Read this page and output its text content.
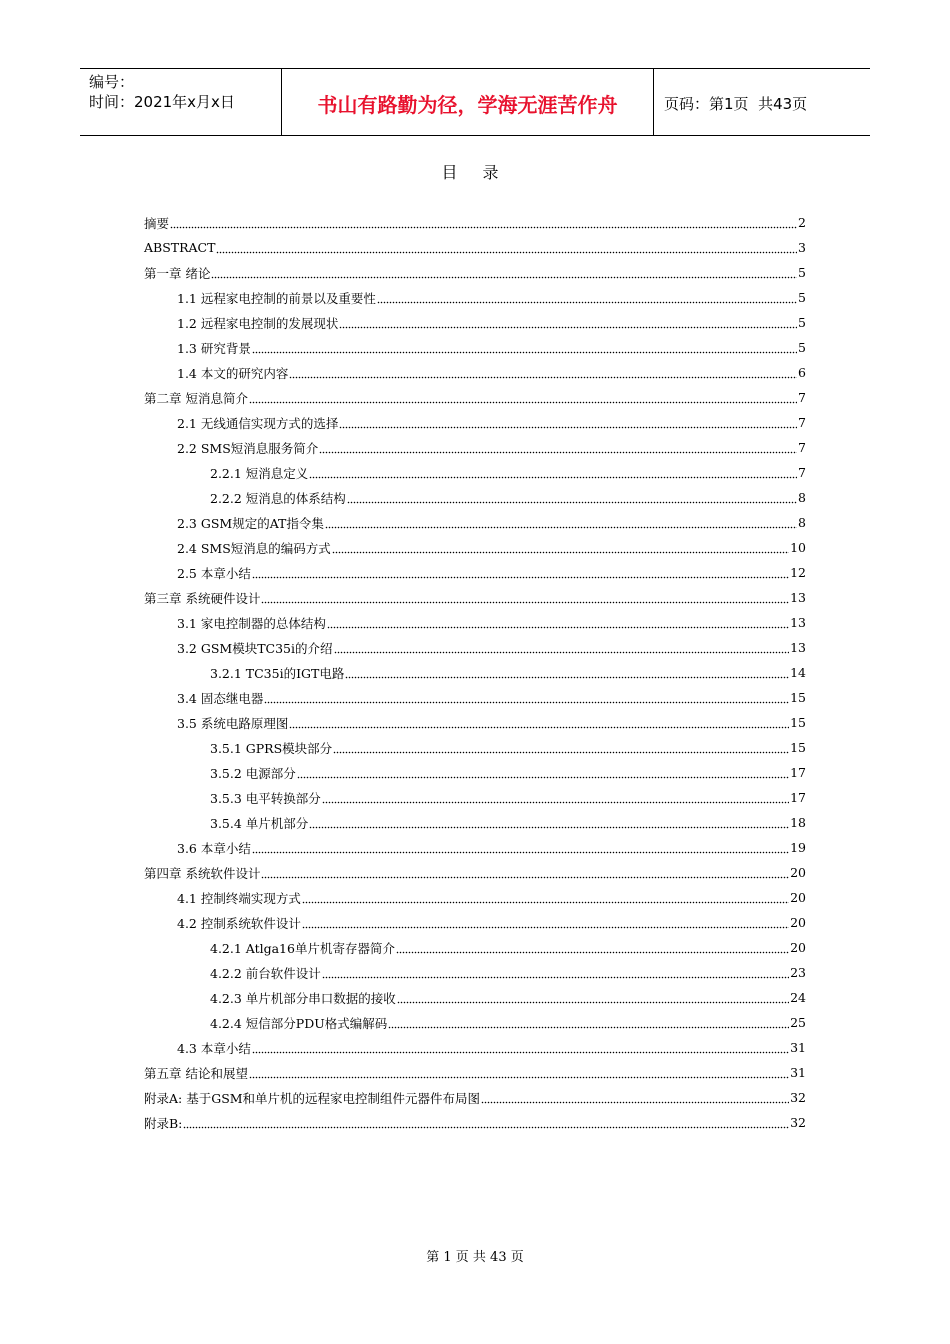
编号：
时间：2021年x月x日	书山有路勤为径，学海无涯苦作舟	页码：第1页  共43页
目 录
摘要	2
ABSTRACT	3
第一章 绪论	5
1.1 远程家电控制的前景以及重要性	5
1.2 远程家电控制的发展现状	5
1.3 研究背景	5
1.4 本文的研究内容	6
第二章 短消息简介	7
2.1 无线通信实现方式的选择	7
2.2 SMS短消息服务简介	7
2.2.1 短消息定义	7
2.2.2 短消息的体系结构	8
2.3 GSM规定的AT指令集	8
2.4 SMS短消息的编码方式	10
2.5 本章小结	12
第三章 系统硬件设计	13
3.1 家电控制器的总体结构	13
3.2 GSM模块TC35i的介绍	13
3.2.1 TC35i的IGT电路	14
3.4 固态继电器	15
3.5 系统电路原理图	15
3.5.1 GPRS模块部分	15
3.5.2 电源部分	17
3.5.3 电平转换部分	17
3.5.4 单片机部分	18
3.6 本章小结	19
第四章 系统软件设计	20
4.1 控制终端实现方式	20
4.2 控制系统软件设计	20
4.2.1 Atlga16单片机寄存器简介	20
4.2.2 前台软件设计	23
4.2.3 单片机部分串口数据的接收	24
4.2.4 短信部分PDU格式编解码	25
4.3 本章小结	31
第五章 结论和展望	31
附录A: 基于GSM和单片机的远程家电控制组件元器件布局图	32
附录B:	32
第 1 页 共 43 页
